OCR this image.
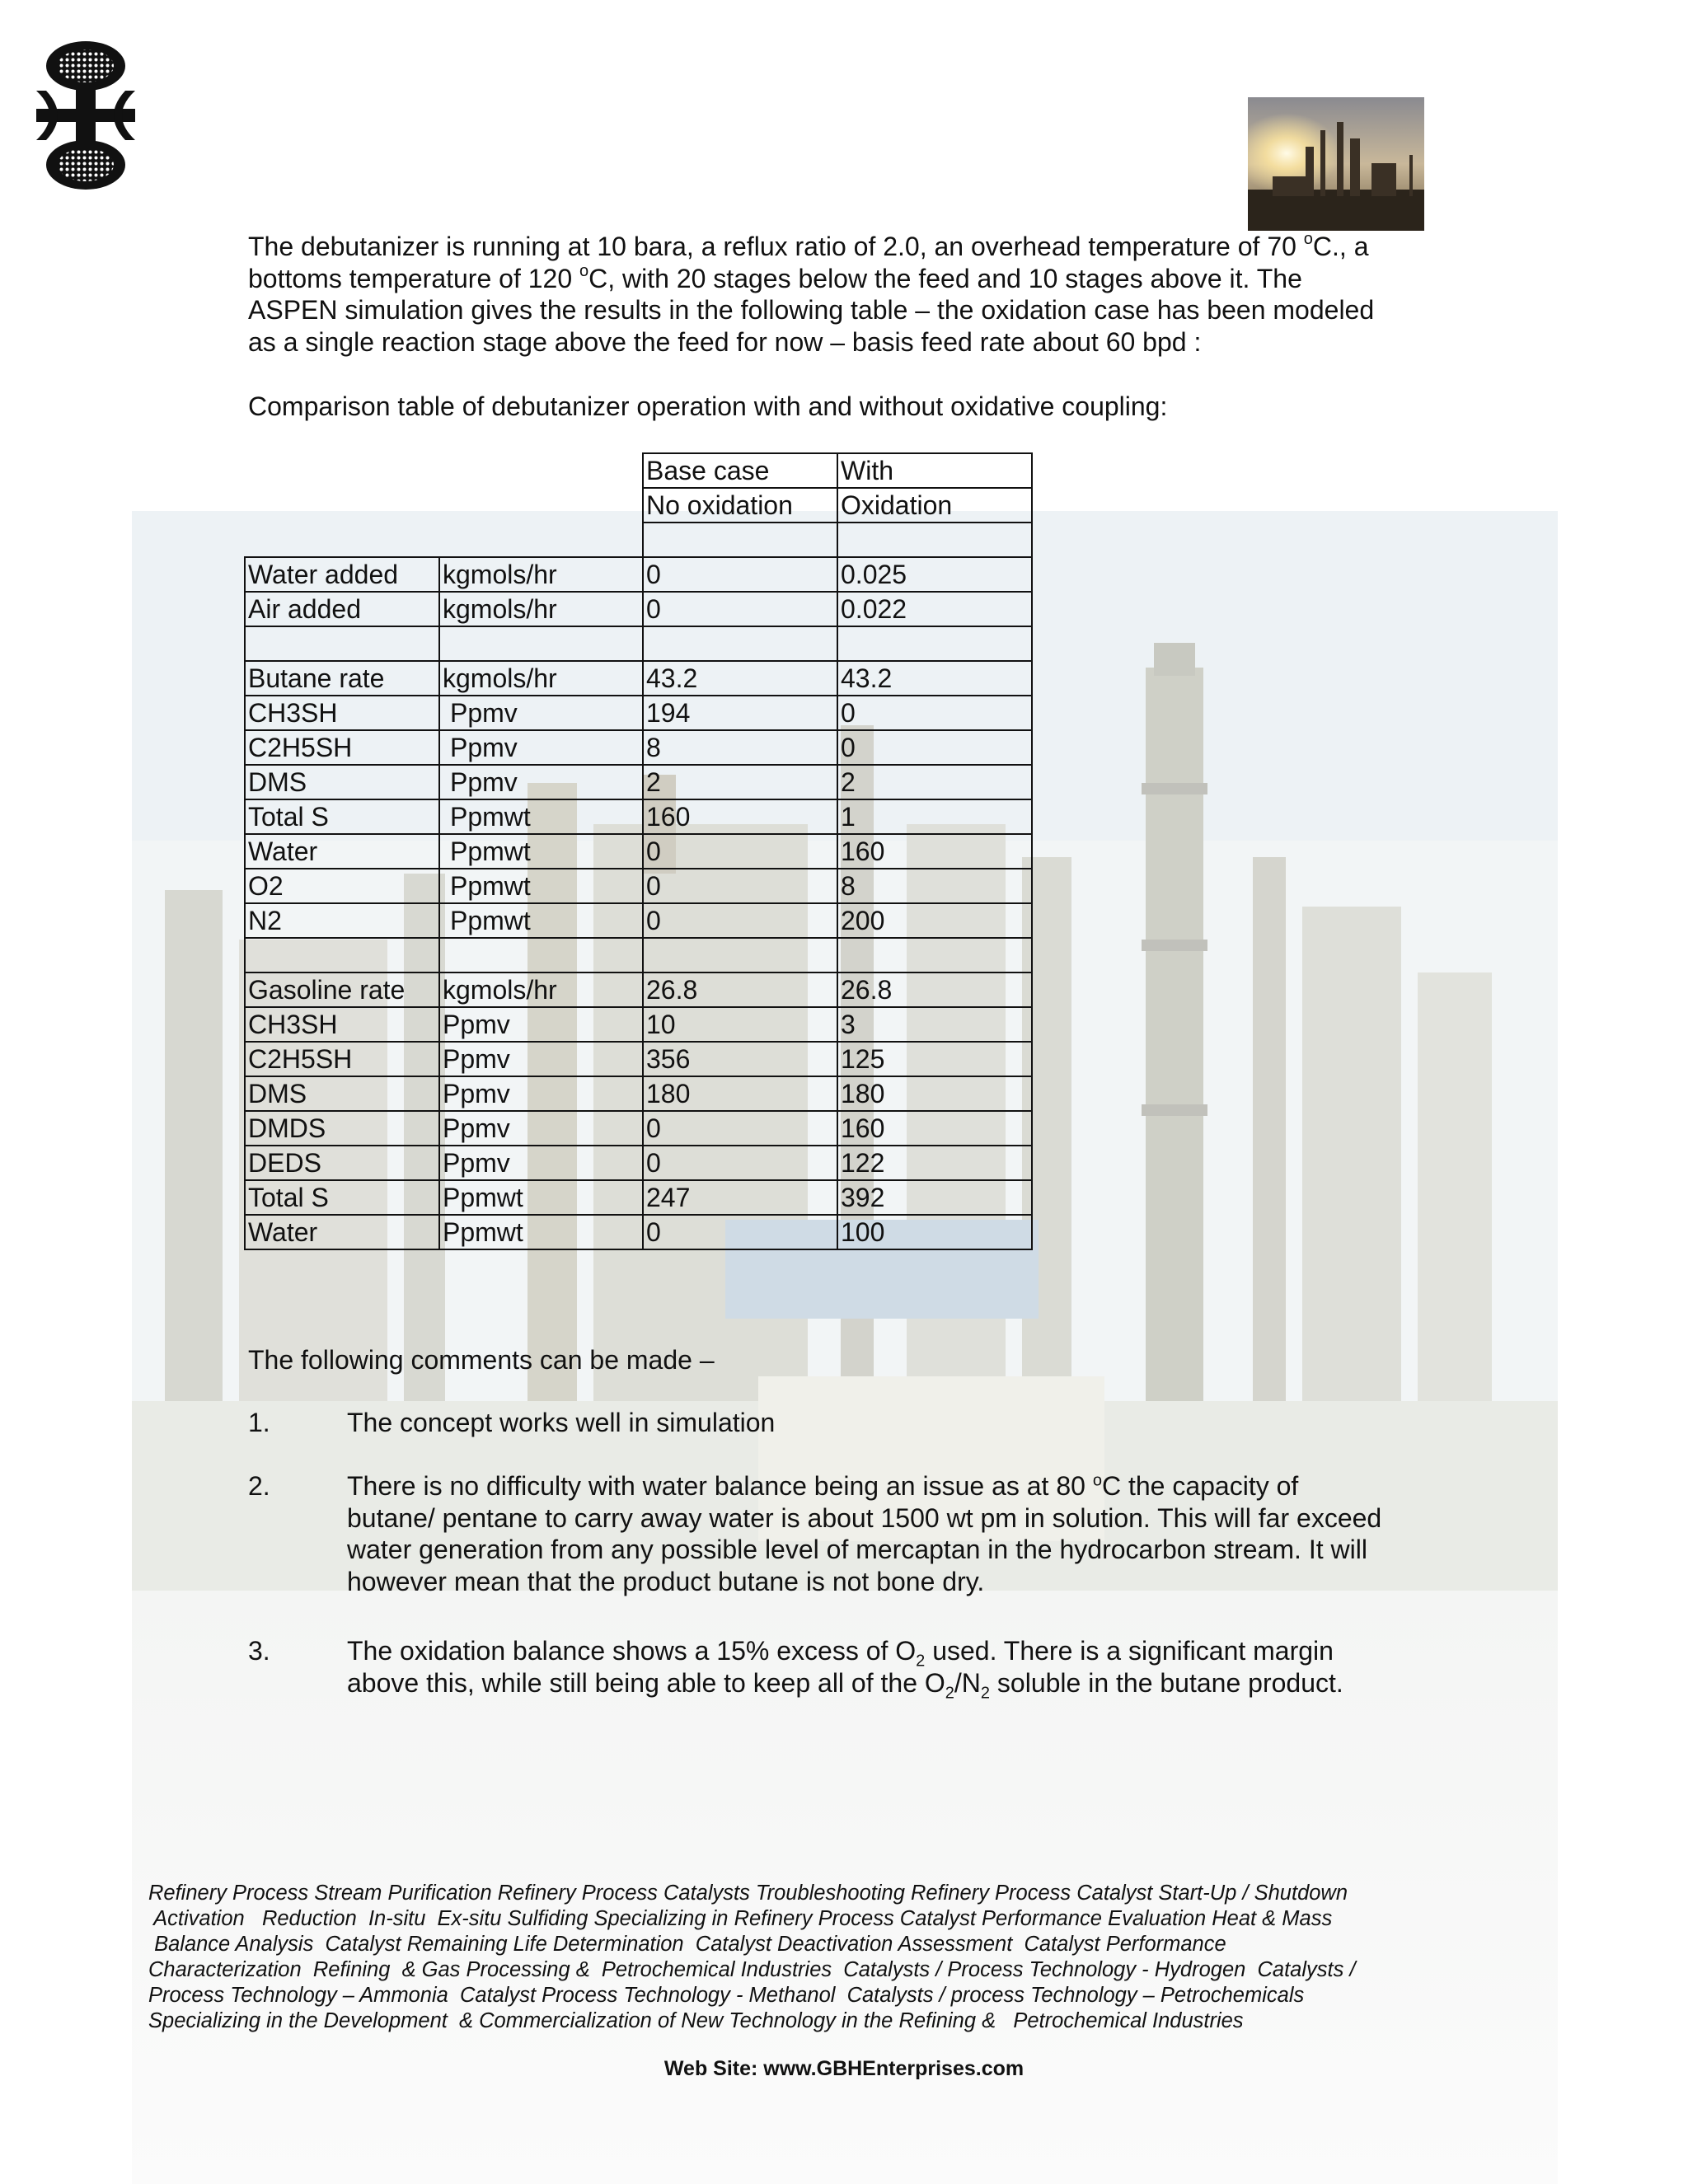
The debutanizer is running at 10 bara, a reflux ratio of 2.0, an overhead temperature of 70 $^o$C., a
bottoms temperature of 120 $^o$C, with 20 stages below the feed and 10 stages above it. The
ASPEN simulation gives the results in the following table – the oxidation case has been modeled
as a single reaction stage above the feed for now – basis feed rate about 60 bpd :
Comparison table of debutanizer operation with and without oxidative coupling:
		Base case	With
		No oxidation	Oxidation

Water added	kgmols/hr	0	0.025
Air added	kgmols/hr	0	0.022

Butane rate	kgmols/hr	43.2	43.2
CH3SH	Ppmv	194	0
C2H5SH	Ppmv	8	0
DMS	Ppmv	2	2
Total S	Ppmwt	160	1
Water	Ppmwt	0	160
O2	Ppmwt	0	8
N2	Ppmwt	0	200

Gasoline rate	kgmols/hr	26.8	26.8
CH3SH	Ppmv	10	3
C2H5SH	Ppmv	356	125
DMS	Ppmv	180	180
DMDS	Ppmv	0	160
DEDS	Ppmv	0	122
Total S	Ppmwt	247	392
Water	Ppmwt	0	100
The following comments can be made –
1.	The concept works well in simulation
2.	There is no difficulty with water balance being an issue as at 80 $^o$C the capacity of
butane/ pentane to carry away water is about 1500 wt pm in solution. This will far exceed
water generation from any possible level of mercaptan in the hydrocarbon stream. It will
however mean that the product butane is not bone dry.
3.	The oxidation balance shows a 15% excess of $O_2$ used. There is a significant margin
above this, while still being able to keep all of the $O_2/N_2$ soluble in the butane product.
Refinery Process Stream Purification Refinery Process Catalysts Troubleshooting Refinery Process Catalyst Start-Up / Shutdown
Activation   Reduction  In-situ  Ex-situ Sulfiding Specializing in Refinery Process Catalyst Performance Evaluation Heat & Mass
Balance Analysis  Catalyst Remaining Life Determination  Catalyst Deactivation Assessment  Catalyst Performance
Characterization  Refining  & Gas Processing &  Petrochemical Industries  Catalysts / Process Technology - Hydrogen  Catalysts /
Process Technology – Ammonia  Catalyst Process Technology - Methanol  Catalysts / process Technology – Petrochemicals
Specializing in the Development  & Commercialization of New Technology in the Refining &   Petrochemical Industries
Web Site: www.GBHEnterprises.com
